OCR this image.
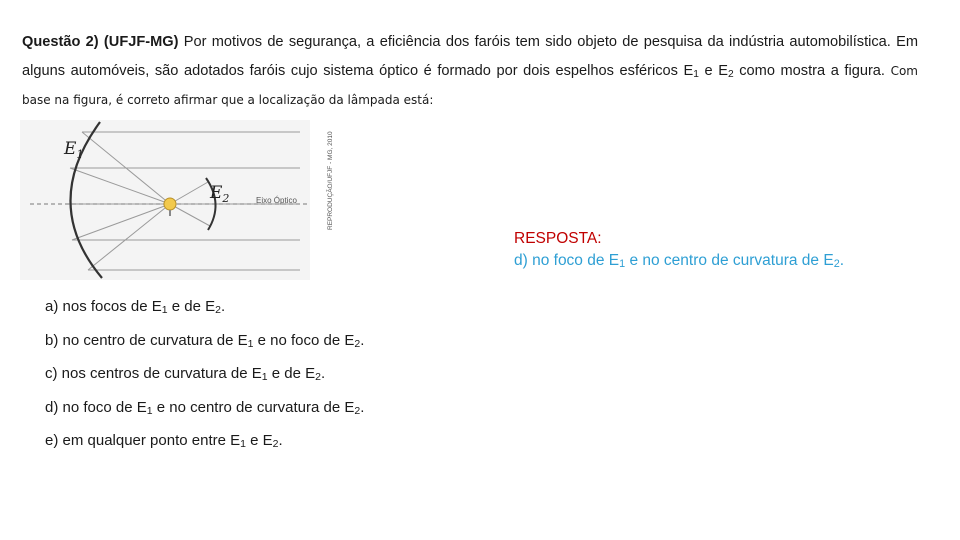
Questão 2) (UFJF-MG) Por motivos de segurança, a eficiência dos faróis tem sido objeto de pesquisa da indústria automobilística. Em alguns automóveis, são adotados faróis cujo sistema óptico é formado por dois espelhos esféricos $E_1$ e $E_2$ como mostra a figura. Com base na figura, é correto afirmar que a localização da lâmpada está:
$E_1$
$E_2$	Eixo Óptico	REPRODUÇÃO/UFJF - MG, 2010
RESPOSTA:
d) no foco de $E_1$ e no centro de curvatura de $E_2$.
a) nos focos de $E_1$ e de $E_2$.
b) no centro de curvatura de $E_1$ e no foco de $E_2$.
c) nos centros de curvatura de $E_1$ e de $E_2$.
d) no foco de $E_1$ e no centro de curvatura de $E_2$.
e) em qualquer ponto entre $E_1$ e $E_2$.
